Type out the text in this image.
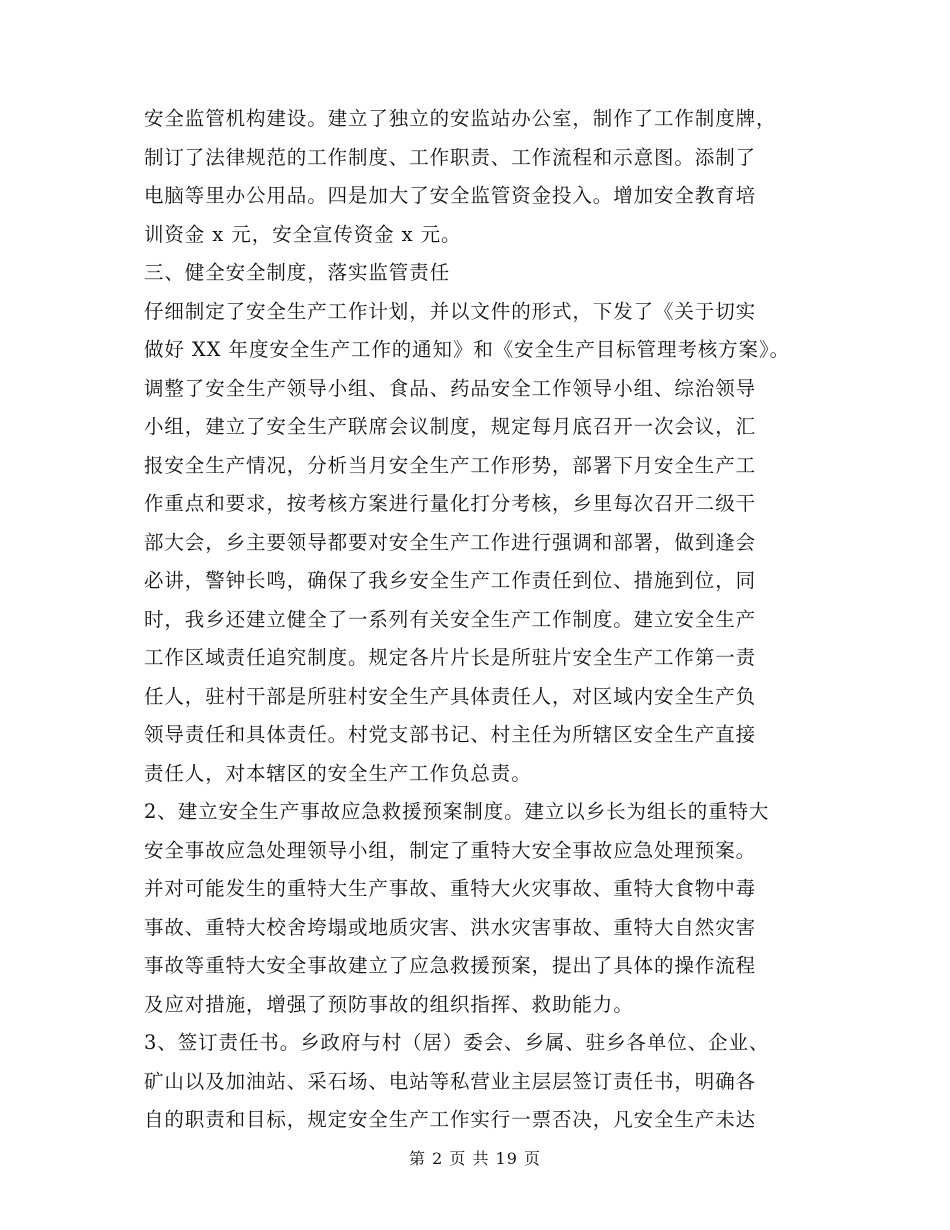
安全监管机构建设。建立了独立的安监站办公室，制作了工作制度牌，
制订了法律规范的工作制度、工作职责、工作流程和示意图。添制了
电脑等里办公用品。四是加大了安全监管资金投入。增加安全教育培
训资金 x 元，安全宣传资金 x 元。
三、健全安全制度，落实监管责任
仔细制定了安全生产工作计划，并以文件的形式，下发了《关于切实
做好 XX 年度安全生产工作的通知》和《安全生产目标管理考核方案》。
调整了安全生产领导小组、食品、药品安全工作领导小组、综治领导
小组，建立了安全生产联席会议制度，规定每月底召开一次会议，汇
报安全生产情况，分析当月安全生产工作形势，部署下月安全生产工
作重点和要求，按考核方案进行量化打分考核，乡里每次召开二级干
部大会，乡主要领导都要对安全生产工作进行强调和部署，做到逢会
必讲，警钟长鸣，确保了我乡安全生产工作责任到位、措施到位，同
时，我乡还建立健全了一系列有关安全生产工作制度。建立安全生产
工作区域责任追究制度。规定各片片长是所驻片安全生产工作第一责
任人，驻村干部是所驻村安全生产具体责任人，对区域内安全生产负
领导责任和具体责任。村党支部书记、村主任为所辖区安全生产直接
责任人，对本辖区的安全生产工作负总责。
2、建立安全生产事故应急救援预案制度。建立以乡长为组长的重特大
安全事故应急处理领导小组，制定了重特大安全事故应急处理预案。
并对可能发生的重特大生产事故、重特大火灾事故、重特大食物中毒
事故、重特大校舍垮塌或地质灾害、洪水灾害事故、重特大自然灾害
事故等重特大安全事故建立了应急救援预案，提出了具体的操作流程
及应对措施，增强了预防事故的组织指挥、救助能力。
3、签订责任书。乡政府与村（居）委会、乡属、驻乡各单位、企业、
矿山以及加油站、采石场、电站等私营业主层层签订责任书，明确各
自的职责和目标，规定安全生产工作实行一票否决，凡安全生产未达
第 2 页 共 19 页
